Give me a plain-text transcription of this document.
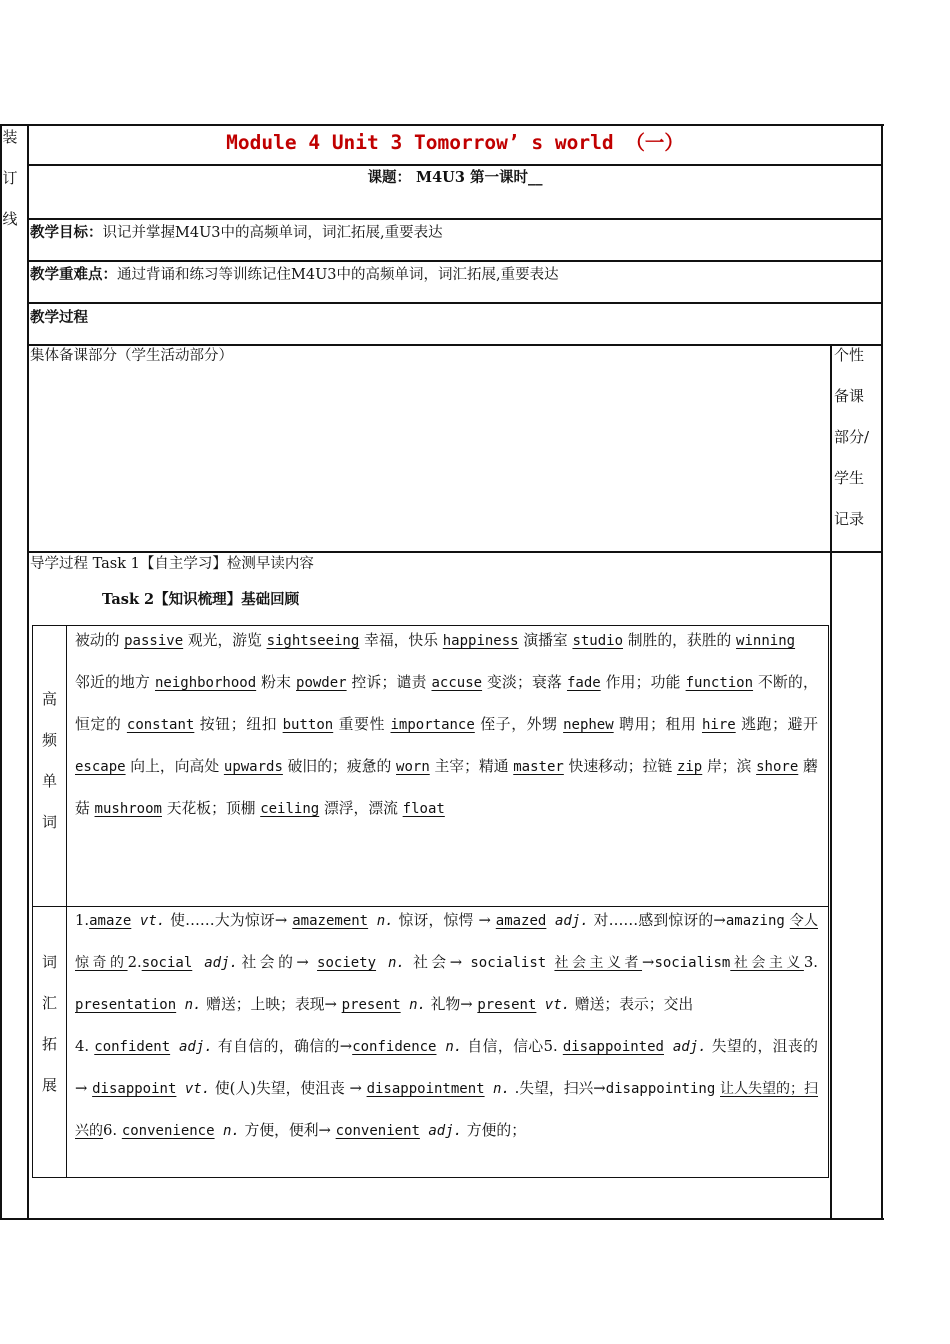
装
订
线
Module 4 Unit 3 Tomorrow’ s world （一）
课题： M4U3 第一课时__
教学目标：识记并掌握M4U3中的高频单词，词汇拓展,重要表达
教学重难点：通过背诵和练习等训练记住M4U3中的高频单词，词汇拓展,重要表达
教学过程
集体备课部分（学生活动部分）	个性
备课
部分/
学生
记录
导学过程 Task 1【自主学习】检测早读内容
Task 2【知识梳理】基础回顾
高
频
单
词
被动的 passive 观光，游览 sightseeing 幸福，快乐 happiness 演播室 studio 制胜的，获胜的 winning
邻近的地方 neighborhood 粉末 powder 控诉；谴责 accuse 变淡；衰落 fade 作用；功能 function 不断的，恒定的 constant 按钮；纽扣 button 重要性 importance 侄子，外甥 nephew 聘用；租用 hire 逃跑；避开 escape 向上，向高处 upwards 破旧的；疲惫的 worn 主宰；精通 master 快速移动；拉链 zip 岸；滨 shore 蘑菇 mushroom 天花板；顶棚 ceiling 漂浮，漂流 float
词
汇
拓
展
1.amaze vt. 使……大为惊讶→ amazement n. 惊讶，惊愕 → amazed adj. 对……感到惊讶的→amazing 令人惊奇的2.social adj.社会的→ society n. 社会→ socialist 社会主义者→socialism社会主义3. presentation n. 赠送；上映；表现→ present n. 礼物→ present vt. 赠送；表示；交出
4. confident adj. 有自信的，确信的→confidence n. 自信，信心5. disappointed adj. 失望的，沮丧的→ disappoint vt. 使(人)失望，使沮丧 → disappointment n. .失望，扫兴→disappointing 让人失望的；扫兴的6. convenience n. 方便，便利→ convenient adj. 方便的；
